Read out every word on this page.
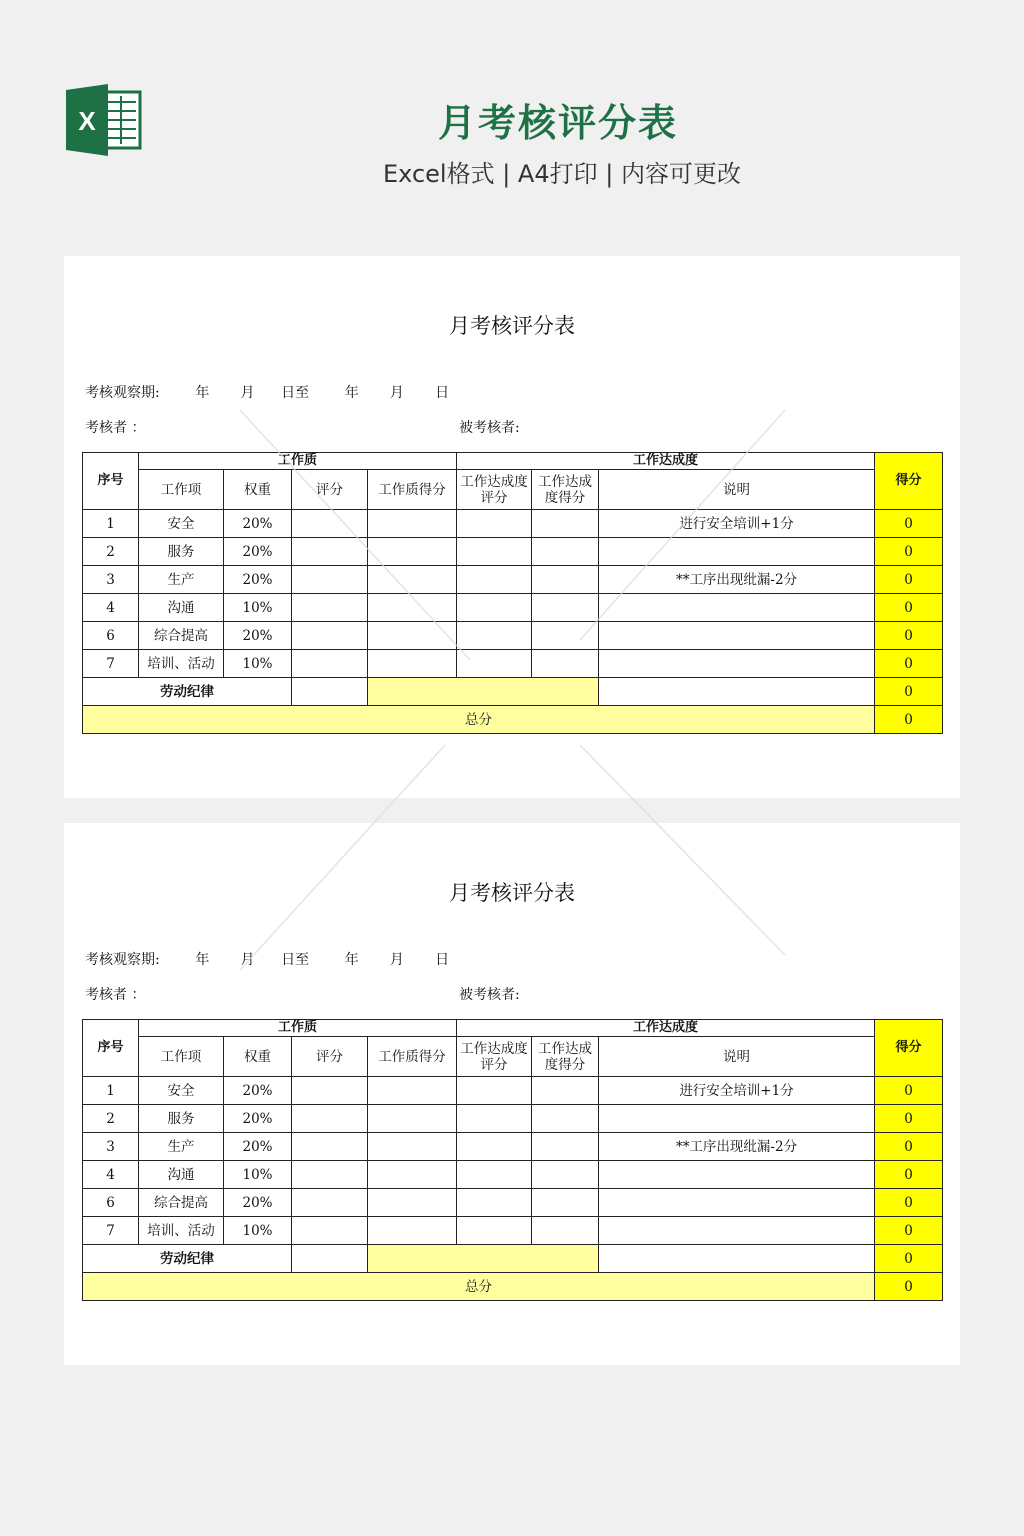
X	月考核评分表
Excel格式 | A4打印 | 内容可更改
月考核评分表
考核观察期:        年       月      日至        年       月       日
考核者 ：	被考核者:
序号	工作质				工作达成度			得分
	工作项	权重	评分	工作质得分	工作达成度评分	工作达成度得分	说明	
1	安全	20%					进行安全培训+1分	0
2	服务	20%						0
3	生产	20%					**工序出现纰漏-2分	0
4	沟通	10%						0
6	综合提高	20%						0
7	培训、活动	10%						0
劳动纪律								0
总分								0
月考核评分表
考核观察期:        年       月      日至        年       月       日
考核者 ：	被考核者:
序号	工作质				工作达成度			得分
	工作项	权重	评分	工作质得分	工作达成度评分	工作达成度得分	说明	
1	安全	20%					进行安全培训+1分	0
2	服务	20%						0
3	生产	20%					**工序出现纰漏-2分	0
4	沟通	10%						0
6	综合提高	20%						0
7	培训、活动	10%						0
劳动纪律								0
总分								0
